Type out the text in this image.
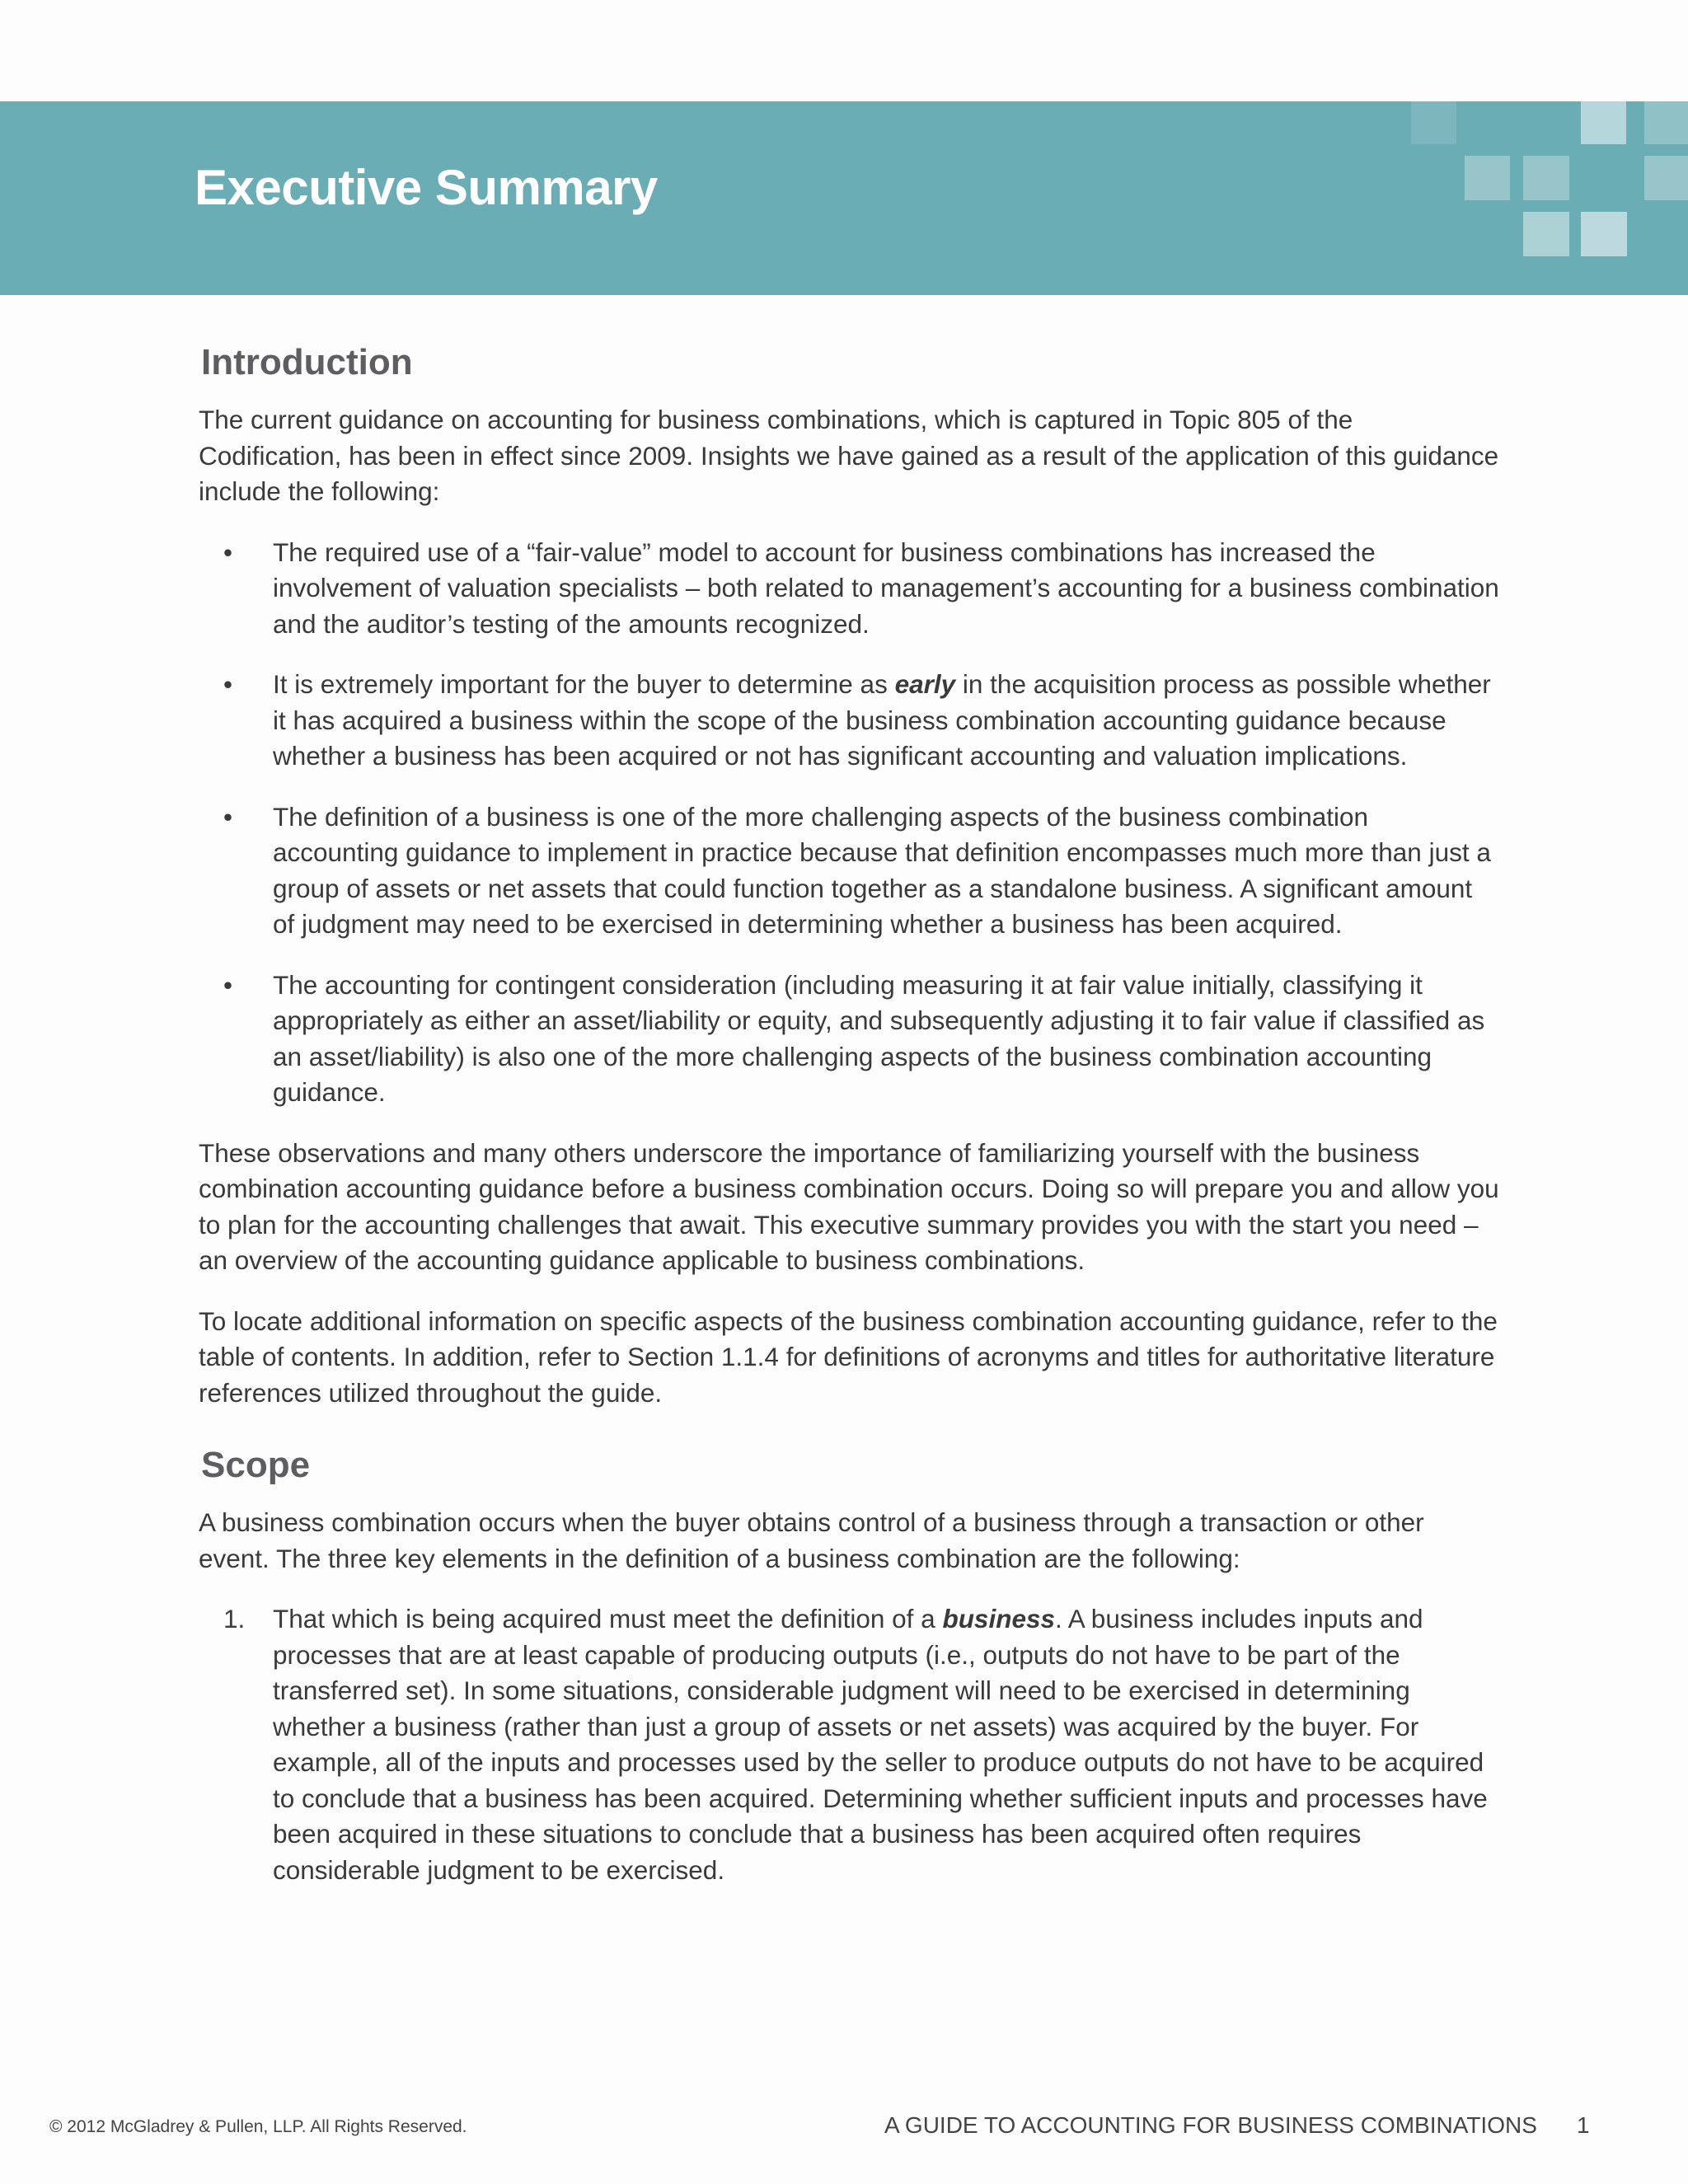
Executive Summary
Introduction

The current guidance on accounting for business combinations, which is captured in Topic 805 of the Codification, has been in effect since 2009. Insights we have gained as a result of the application of this guidance include the following:

• The required use of a “fair-value” model to account for business combinations has increased the involvement of valuation specialists – both related to management’s accounting for a business combination and the auditor’s testing of the amounts recognized.
• It is extremely important for the buyer to determine as early in the acquisition process as possible whether it has acquired a business within the scope of the business combination accounting guidance because whether a business has been acquired or not has significant accounting and valuation implications.
• The definition of a business is one of the more challenging aspects of the business combination accounting guidance to implement in practice because that definition encompasses much more than just a group of assets or net assets that could function together as a standalone business. A significant amount of judgment may need to be exercised in determining whether a business has been acquired.
• The accounting for contingent consideration (including measuring it at fair value initially, classifying it appropriately as either an asset/liability or equity, and subsequently adjusting it to fair value if classified as an asset/liability) is also one of the more challenging aspects of the business combination accounting guidance.

These observations and many others underscore the importance of familiarizing yourself with the business combination accounting guidance before a business combination occurs. Doing so will prepare you and allow you to plan for the accounting challenges that await. This executive summary provides you with the start you need – an overview of the accounting guidance applicable to business combinations.

To locate additional information on specific aspects of the business combination accounting guidance, refer to the table of contents. In addition, refer to Section 1.1.4 for definitions of acronyms and titles for authoritative literature references utilized throughout the guide.

Scope

A business combination occurs when the buyer obtains control of a business through a transaction or other event. The three key elements in the definition of a business combination are the following:

1. That which is being acquired must meet the definition of a business. A business includes inputs and processes that are at least capable of producing outputs (i.e., outputs do not have to be part of the transferred set). In some situations, considerable judgment will need to be exercised in determining whether a business (rather than just a group of assets or net assets) was acquired by the buyer. For example, all of the inputs and processes used by the seller to produce outputs do not have to be acquired to conclude that a business has been acquired. Determining whether sufficient inputs and processes have been acquired in these situations to conclude that a business has been acquired often requires considerable judgment to be exercised.
© 2012 McGladrey & Pullen, LLP. All Rights Reserved.	A GUIDE TO ACCOUNTING FOR BUSINESS COMBINATIONS 1
